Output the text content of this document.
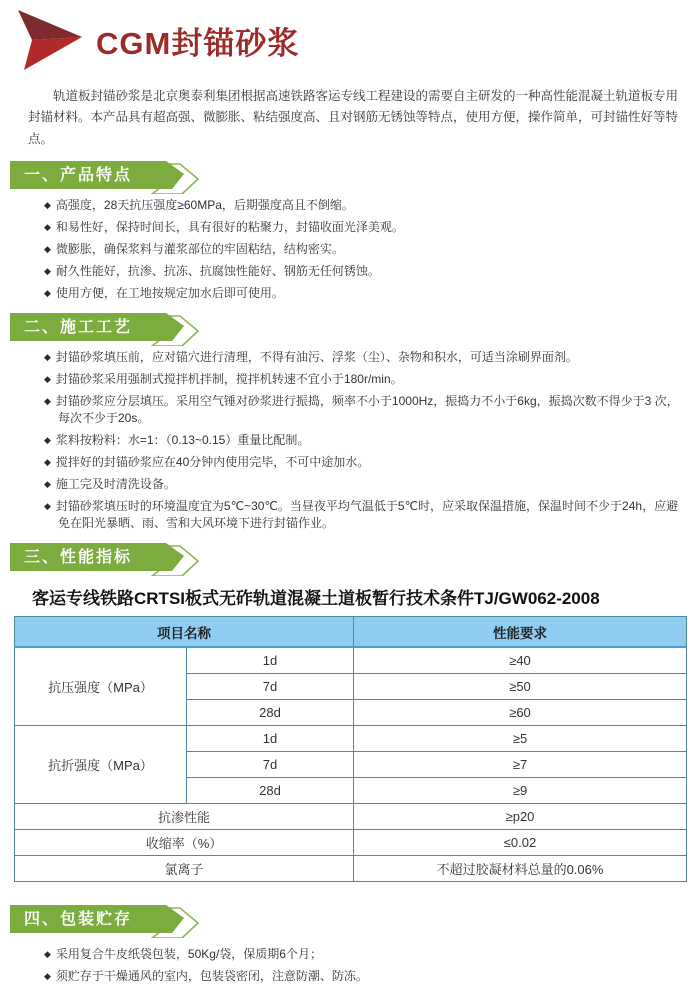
CGM封锚砂浆

轨道板封锚砂浆是北京奥泰利集团根据高速铁路客运专线工程建设的需要自主研发的一种高性能混凝土轨道板专用封锚材料。本产品具有超高强、微膨胀、粘结强度高、且对钢筋无锈蚀等特点，使用方便，操作简单，可封锚性好等特点。

一、产品特点
◆ 高强度，28天抗压强度≥60MPa，后期强度高且不倒缩。
◆ 和易性好，保持时间长，具有很好的粘聚力，封锚收面光泽美观。
◆ 微膨胀，确保浆料与灌浆部位的牢固粘结，结构密实。
◆ 耐久性能好，抗渗、抗冻、抗腐蚀性能好、钢筋无任何锈蚀。
◆ 使用方便，在工地按规定加水后即可使用。
二、施工工艺
◆ 封锚砂浆填压前，应对锚穴进行清理，不得有油污、浮浆（尘）、杂物和积水，可适当涂刷界面剂。
◆ 封锚砂浆采用强制式搅拌机拌制，搅拌机转速不宜小于180r/min。
◆ 封锚砂浆应分层填压。采用空气锤对砂浆进行振捣，频率不小于1000Hz，振捣力不小于6kg，振捣次数不得少于3 次，每次不少于20s。
◆ 浆料按粉料：水=1：（0.13~0.15）重量比配制。
◆ 搅拌好的封锚砂浆应在40分钟内使用完毕，不可中途加水。
◆ 施工完及时清洗设备。
◆ 封锚砂浆填压时的环境温度宜为5℃~30℃。当昼夜平均气温低于5℃时，应采取保温措施，保温时间不少于24h，应避免在阳光暴晒、雨、雪和大风环境下进行封锚作业。
三、性能指标
客运专线铁路CRTSI板式无砟轨道混凝土道板暂行技术条件TJ/GW062-2008
项目名称		性能要求
抗压强度（MPa）	1d	≥40
	7d	≥50
	28d	≥60
抗折强度（MPa）	1d	≥5
	7d	≥7
	28d	≥9
抗渗性能		≥p20
收缩率（%）		≤0.02
氯离子		不超过胶凝材料总量的0.06%
四、包装贮存
◆ 采用复合牛皮纸袋包装，50Kg/袋，保质期6个月；
◆ 须贮存于干燥通风的室内，包装袋密闭，注意防潮、防冻。
